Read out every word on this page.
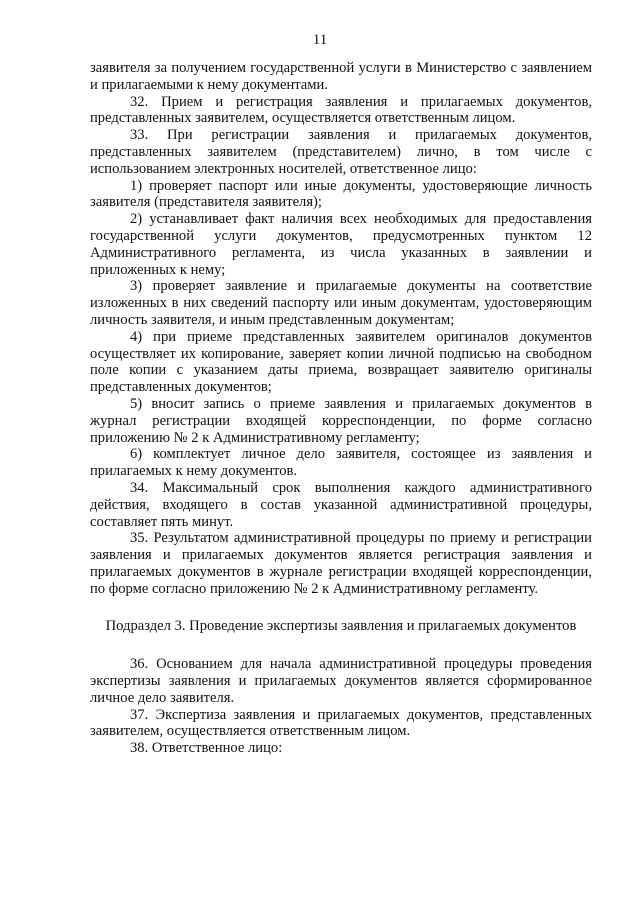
11

заявителя за получением государственной услуги в Министерство с заявлением и прилагаемыми к нему документами.

32. Прием и регистрация заявления и прилагаемых документов, представленных заявителем, осуществляется ответственным лицом.

33. При регистрации заявления и прилагаемых документов, представленных заявителем (представителем) лично, в том числе с использованием электронных носителей, ответственное лицо:

1) проверяет паспорт или иные документы, удостоверяющие личность заявителя (представителя заявителя);

2) устанавливает факт наличия всех необходимых для предоставления государственной услуги документов, предусмотренных пунктом 12 Административного регламента, из числа указанных в заявлении и приложенных к нему;

3) проверяет заявление и прилагаемые документы на соответствие изложенных в них сведений паспорту или иным документам, удостоверяющим личность заявителя, и иным представленным документам;

4) при приеме представленных заявителем оригиналов документов осуществляет их копирование, заверяет копии личной подписью на свободном поле копии с указанием даты приема, возвращает заявителю оригиналы представленных документов;

5) вносит запись о приеме заявления и прилагаемых документов в журнал регистрации входящей корреспонденции, по форме согласно приложению № 2 к Административному регламенту;

6) комплектует личное дело заявителя, состоящее из заявления и прилагаемых к нему документов.

34. Максимальный срок выполнения каждого административного действия, входящего в состав указанной административной процедуры, составляет пять минут.

35. Результатом административной процедуры по приему и регистрации заявления и прилагаемых документов является регистрация заявления и прилагаемых документов в журнале регистрации входящей корреспонденции, по форме согласно приложению № 2 к Административному регламенту.

Подраздел 3. Проведение экспертизы заявления и прилагаемых документов

36. Основанием для начала административной процедуры проведения экспертизы заявления и прилагаемых документов является сформированное личное дело заявителя.

37. Экспертиза заявления и прилагаемых документов, представленных заявителем, осуществляется ответственным лицом.

38. Ответственное лицо:
